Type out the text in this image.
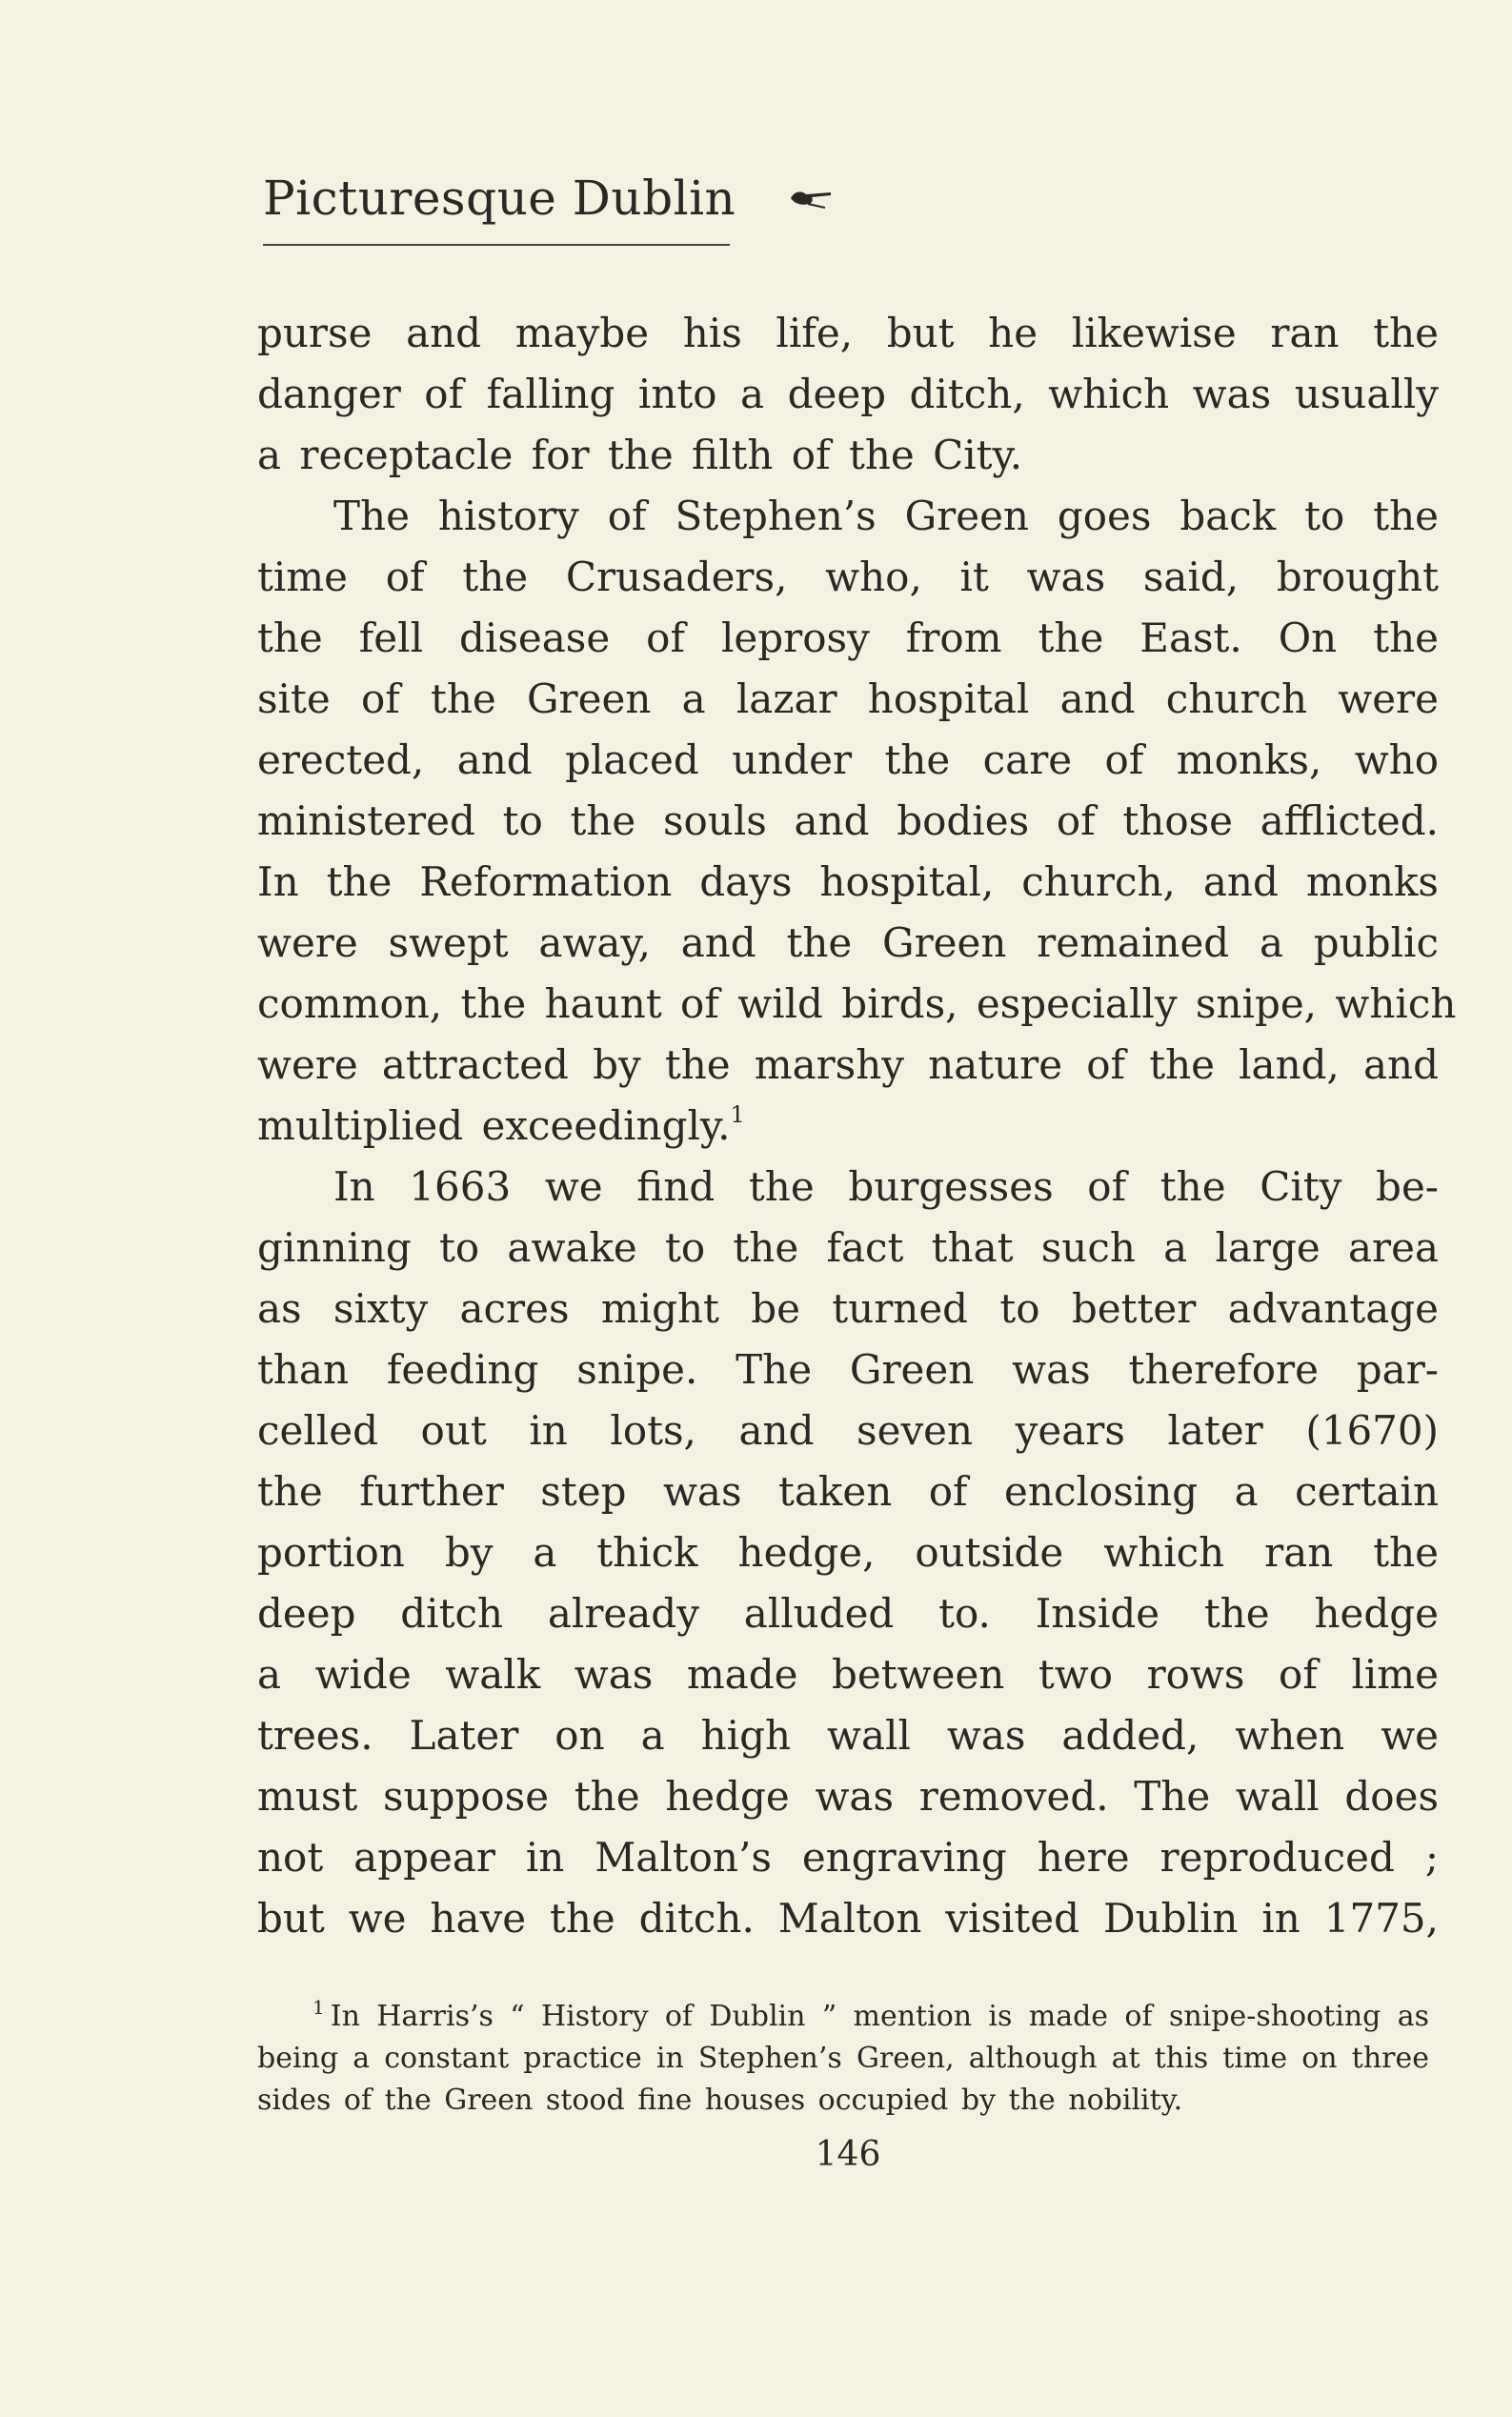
Picturesque Dublin
purse and maybe his life, but he likewise ran the
danger of falling into a deep ditch, which was usually
a receptacle for the filth of the City.
The history of Stephen’s Green goes back to the
time of the Crusaders, who, it was said, brought
the fell disease of leprosy from the East. On the
site of the Green a lazar hospital and church were
erected, and placed under the care of monks, who
ministered to the souls and bodies of those afflicted.
In the Reformation days hospital, church, and monks
were swept away, and the Green remained a public
common, the haunt of wild birds, especially snipe, which
were attracted by the marshy nature of the land, and
multiplied exceedingly.$^1$
In 1663 we find the burgesses of the City be-
ginning to awake to the fact that such a large area
as sixty acres might be turned to better advantage
than feeding snipe. The Green was therefore par-
celled out in lots, and seven years later (1670)
the further step was taken of enclosing a certain
portion by a thick hedge, outside which ran the
deep ditch already alluded to. Inside the hedge
a wide walk was made between two rows of lime
trees. Later on a high wall was added, when we
must suppose the hedge was removed. The wall does
not appear in Malton’s engraving here reproduced ;
but we have the ditch. Malton visited Dublin in 1775,
$^1$ In Harris’s “ History of Dublin ” mention is made of snipe-shooting as
being a constant practice in Stephen’s Green, although at this time on three
sides of the Green stood fine houses occupied by the nobility.
146
